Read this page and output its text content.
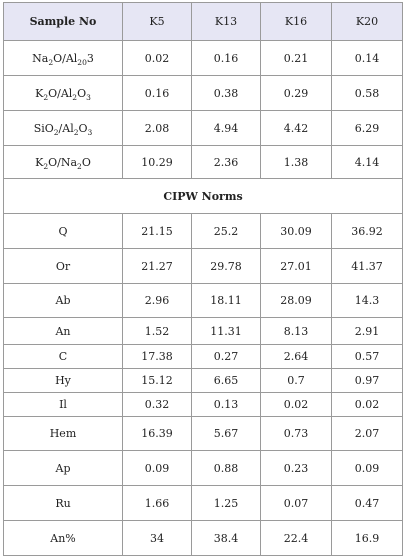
Sample No	K5	K13	K16	K20
$Na_2O/Al_{20}3$	0.02	0.16	0.21	0.14
$K_2O/Al_2O_3$	0.16	0.38	0.29	0.58
$SiO_2/Al_2O_3$	2.08	4.94	4.42	6.29
$K_2O/Na_2O$	10.29	2.36	1.38	4.14
CIPW Norms				
Q	21.15	25.2	30.09	36.92
Or	21.27	29.78	27.01	41.37
Ab	2.96	18.11	28.09	14.3
An	1.52	11.31	8.13	2.91
C	17.38	0.27	2.64	0.57
Hy	15.12	6.65	0.7	0.97
Il	0.32	0.13	0.02	0.02
Hem	16.39	5.67	0.73	2.07
Ap	0.09	0.88	0.23	0.09
Ru	1.66	1.25	0.07	0.47
An%	34	38.4	22.4	16.9
